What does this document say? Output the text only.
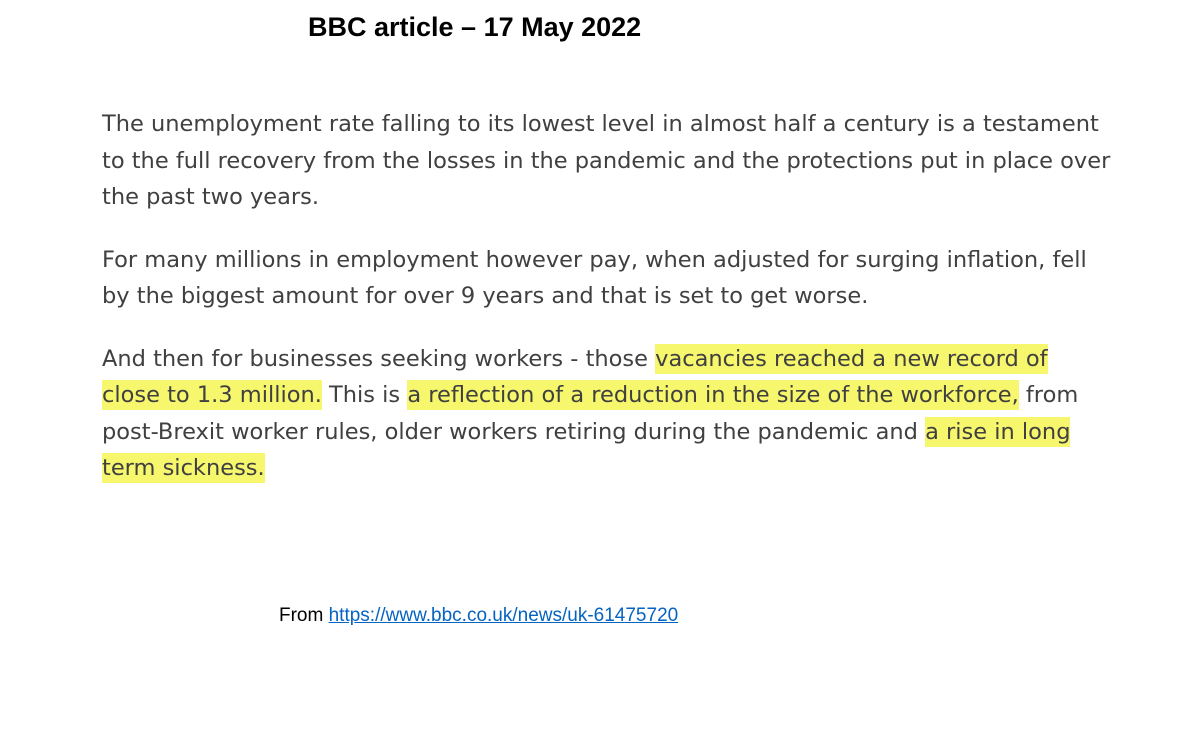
BBC article – 17 May 2022

The unemployment rate falling to its lowest level in almost half a century is a testament to the full recovery from the losses in the pandemic and the protections put in place over the past two years.

For many millions in employment however pay, when adjusted for surging inflation, fell by the biggest amount for over 9 years and that is set to get worse.

And then for businesses seeking workers - those vacancies reached a new record of close to 1.3 million. This is a reflection of a reduction in the size of the workforce, from post-Brexit worker rules, older workers retiring during the pandemic and a rise in long term sickness.

From https://www.bbc.co.uk/news/uk-61475720
